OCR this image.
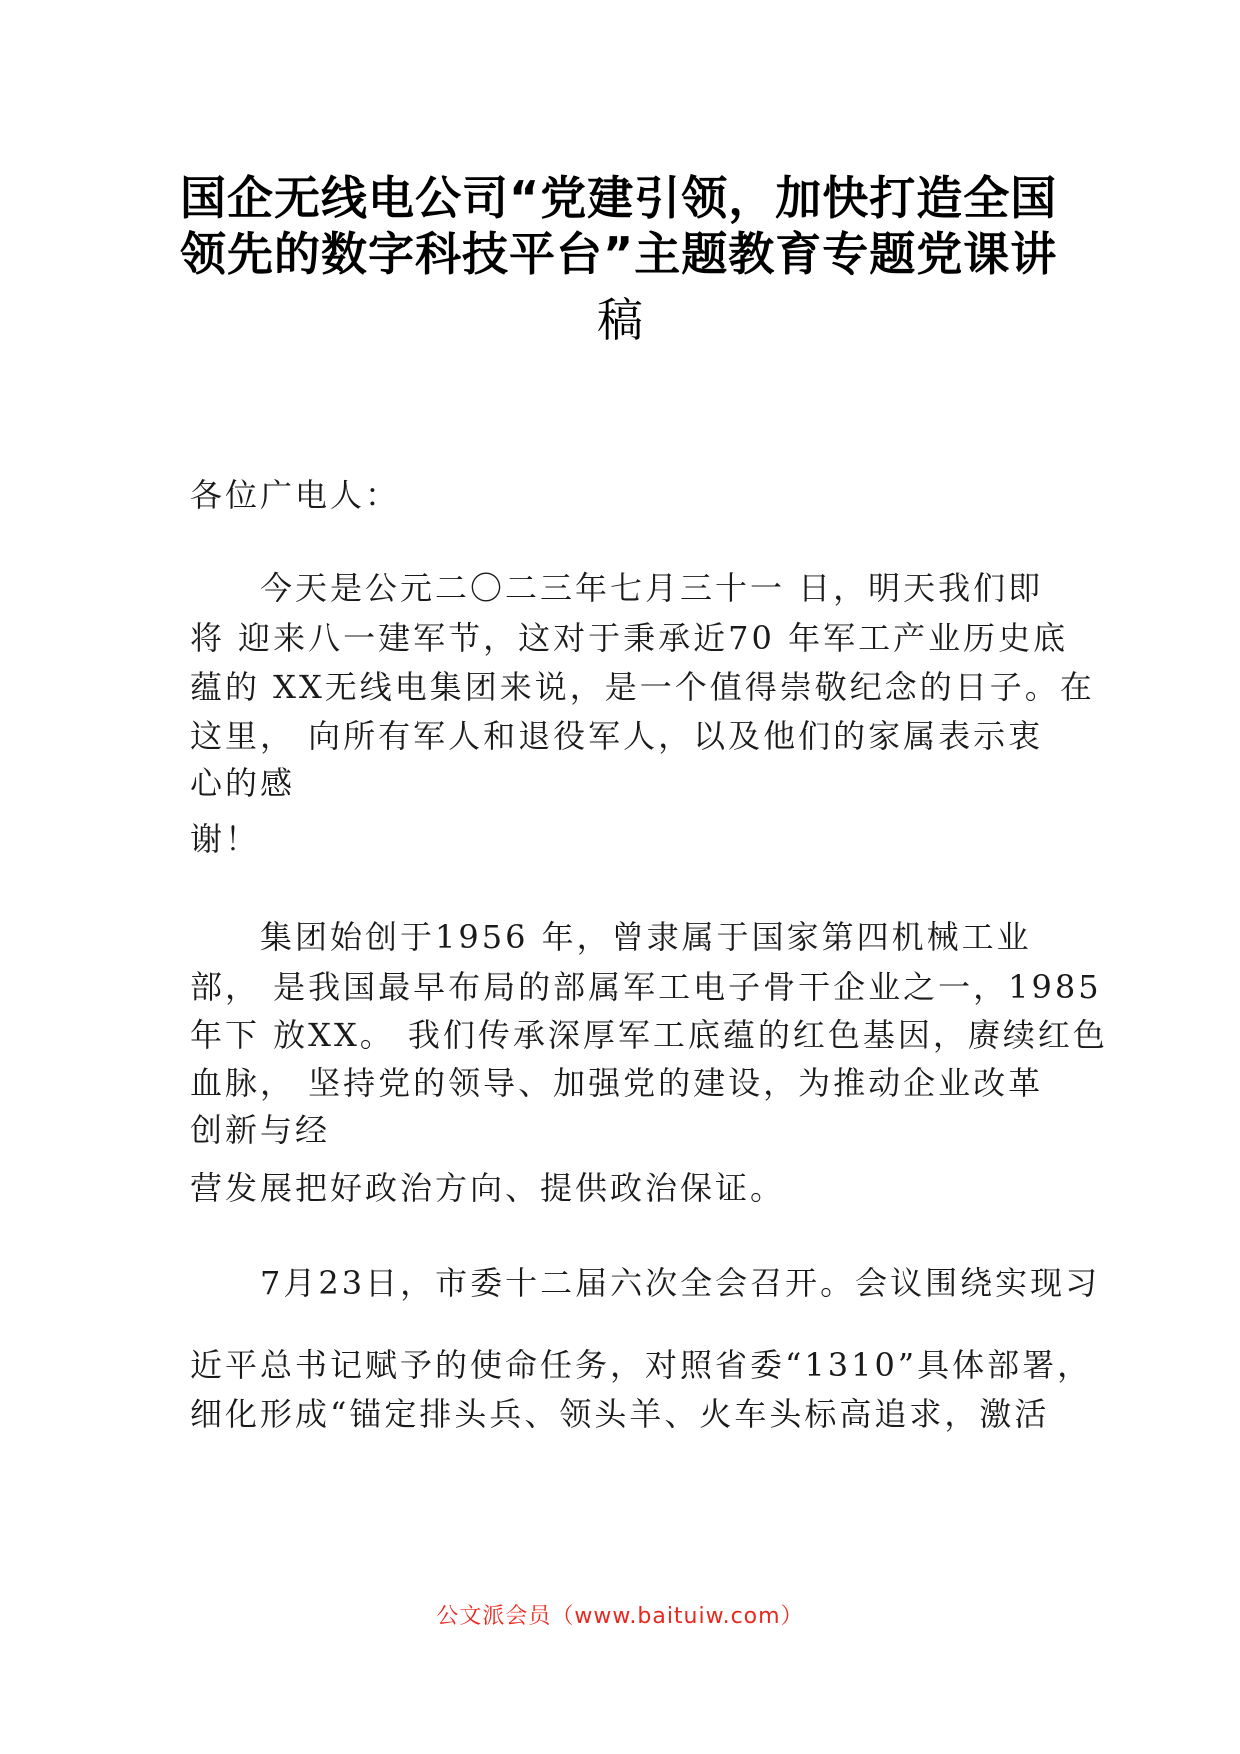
国企无线电公司“党建引领，加快打造全国
领先的数字科技平台”主题教育专题党课讲
稿
各位广电人：
　　今天是公元二〇二三年七月三十一 日，明天我们即
将 迎来八一建军节，这对于秉承近70 年军工产业历史底
蕴的 XX无线电集团来说，是一个值得崇敬纪念的日子。在
这里， 向所有军人和退役军人，以及他们的家属表示衷
心的感
谢！
　　集团始创于1956 年，曾隶属于国家第四机械工业
部， 是我国最早布局的部属军工电子骨干企业之一，1985
年下 放XX。 我们传承深厚军工底蕴的红色基因，赓续红色
血脉， 坚持党的领导、加强党的建设，为推动企业改革
创新与经
营发展把好政治方向、提供政治保证。
　　7月23日，市委十二届六次全会召开。会议围绕实现习
近平总书记赋予的使命任务，对照省委“1310”具体部署，
细化形成“锚定排头兵、领头羊、火车头标高追求，激活
公文派会员（www.baituiw.com）
